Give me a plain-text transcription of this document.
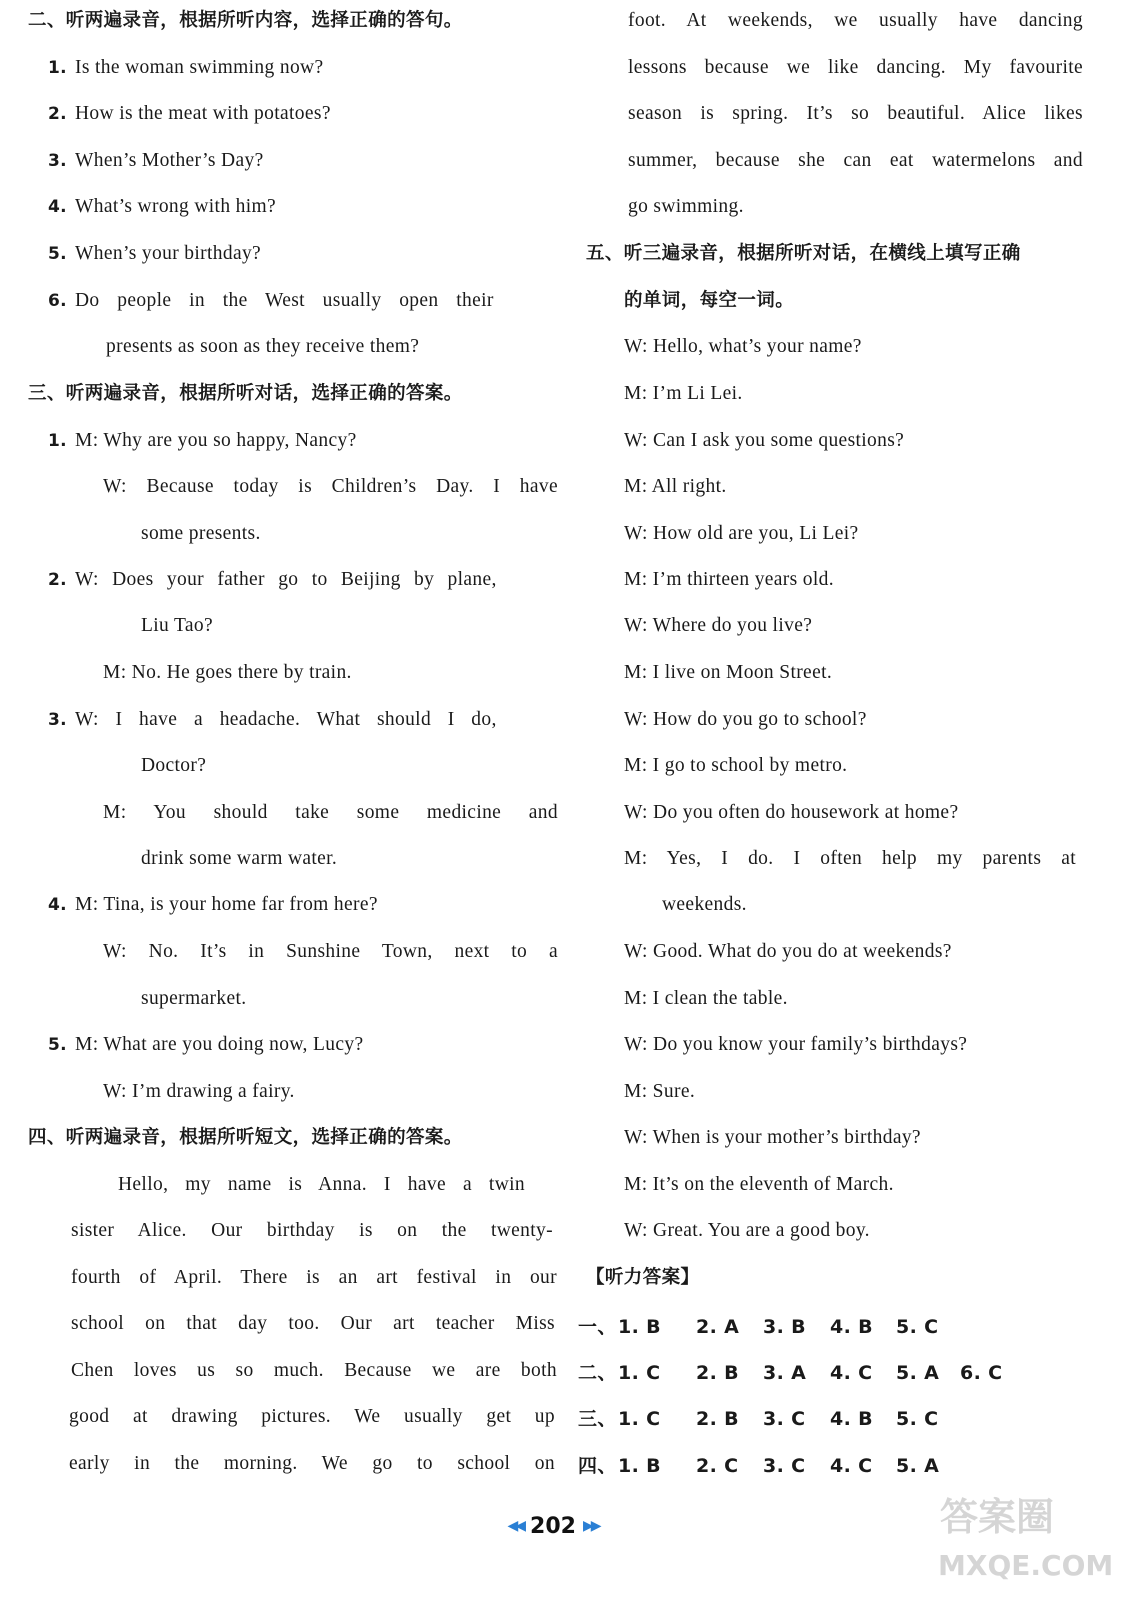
二、听两遍录音，根据所听内容，选择正确的答句。
1. Is the woman swimming now?
2. How is the meat with potatoes?
3. When’s Mother’s Day?
4. What’s wrong with him?
5. When’s your birthday?
6. Do people in the West usually open their
presents as soon as they receive them?
三、听两遍录音，根据所听对话，选择正确的答案。
1. M: Why are you so happy, Nancy?
W: Because today is Children’s Day. I have
some presents.
2. W: Does your father go to Beijing by plane,
Liu Tao?
M: No. He goes there by train.
3. W: I have a headache. What should I do,
Doctor?
M: You should take some medicine and
drink some warm water.
4. M: Tina, is your home far from here?
W: No. It’s in Sunshine Town, next to a
supermarket.
5. M: What are you doing now, Lucy?
W: I’m drawing a fairy.
四、听两遍录音，根据所听短文，选择正确的答案。
Hello, my name is Anna. I have a twin
sister Alice. Our birthday is on the twenty-
fourth of April. There is an art festival in our
school on that day too. Our art teacher Miss
Chen loves us so much. Because we are both
good at drawing pictures. We usually get up
early in the morning. We go to school on
foot. At weekends, we usually have dancing
lessons because we like dancing. My favourite
season is spring. It’s so beautiful. Alice likes
summer, because she can eat watermelons and
go swimming.
五、听三遍录音，根据所听对话，在横线上填写正确
的单词，每空一词。
W: Hello, what’s your name?
M: I’m Li Lei.
W: Can I ask you some questions?
M: All right.
W: How old are you, Li Lei?
M: I’m thirteen years old.
W: Where do you live?
M: I live on Moon Street.
W: How do you go to school?
M: I go to school by metro.
W: Do you often do housework at home?
M: Yes, I do. I often help my parents at
weekends.
W: Good. What do you do at weekends?
M: I clean the table.
W: Do you know your family’s birthdays?
M: Sure.
W: When is your mother’s birthday?
M: It’s on the eleventh of March.
W: Great. You are a good boy.
【听力答案】
一、 1. B 2. A 3. B 4. B 5. C
二、 1. C 2. B 3. A 4. C 5. A 6. C
三、 1. C 2. B 3. C 4. B 5. C
四、 1. B 2. C 3. C 4. C 5. A
◀◀ 202 ▶▶	答案圈
MXQE.COM
